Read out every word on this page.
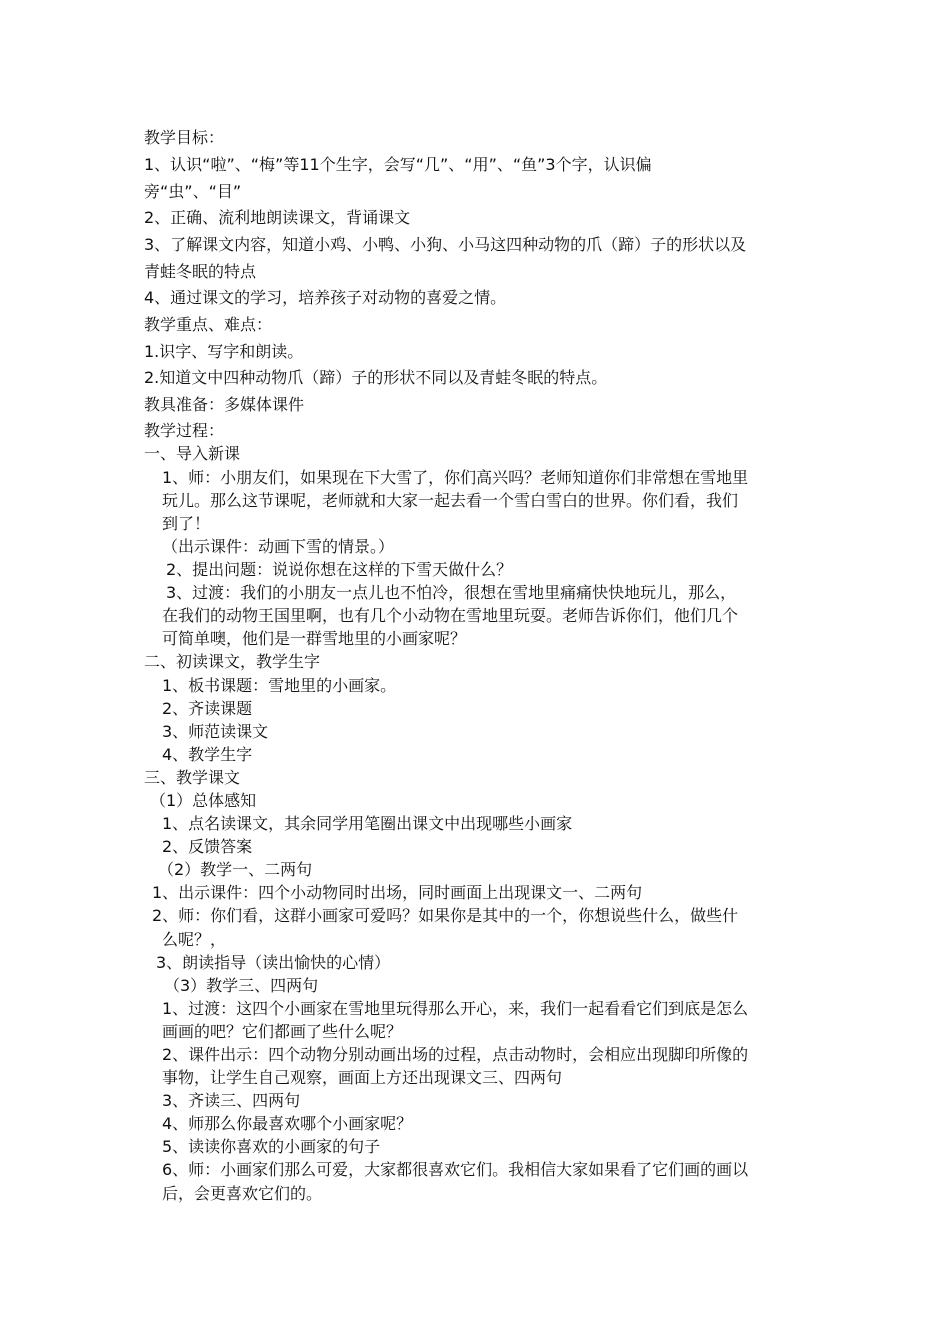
教学目标：
1、认识“啦”、“梅”等11个生字，会写“几”、“用”、“鱼”3个字，认识偏
旁“虫”、“目”
2、正确、流利地朗读课文，背诵课文
3、了解课文内容，知道小鸡、小鸭、小狗、小马这四种动物的爪（蹄）子的形状以及
青蛙冬眠的特点
4、通过课文的学习，培养孩子对动物的喜爱之情。
教学重点、难点：
1.识字、写字和朗读。
2.知道文中四种动物爪（蹄）子的形状不同以及青蛙冬眠的特点。
教具准备：多媒体课件
教学过程：
一、导入新课
1、师：小朋友们，如果现在下大雪了，你们高兴吗？老师知道你们非常想在雪地里
玩儿。那么这节课呢，老师就和大家一起去看一个雪白雪白的世界。你们看，我们
到了！
（出示课件：动画下雪的情景。）
2、提出问题：说说你想在这样的下雪天做什么？
3、过渡：我们的小朋友一点儿也不怕冷，很想在雪地里痛痛快快地玩儿，那么，
在我们的动物王国里啊，也有几个小动物在雪地里玩耍。老师告诉你们，他们几个
可简单噢，他们是一群雪地里的小画家呢？
二、初读课文，教学生字
1、板书课题：雪地里的小画家。
2、齐读课题
3、师范读课文
4、教学生字
三、教学课文
（1）总体感知
1、点名读课文，其余同学用笔圈出课文中出现哪些小画家
2、反馈答案
（2）教学一、二两句
1、出示课件：四个小动物同时出场，同时画面上出现课文一、二两句
2、师：你们看，这群小画家可爱吗？如果你是其中的一个，你想说些什么，做些什
么呢？，
3、朗读指导（读出愉快的心情）
（3）教学三、四两句
1、过渡：这四个小画家在雪地里玩得那么开心，来，我们一起看看它们到底是怎么
画画的吧？它们都画了些什么呢？
2、课件出示：四个动物分别动画出场的过程，点击动物时，会相应出现脚印所像的
事物，让学生自己观察，画面上方还出现课文三、四两句
3、齐读三、四两句
4、师那么你最喜欢哪个小画家呢？
5、读读你喜欢的小画家的句子
6、师：小画家们那么可爱，大家都很喜欢它们。我相信大家如果看了它们画的画以
后，会更喜欢它们的。
